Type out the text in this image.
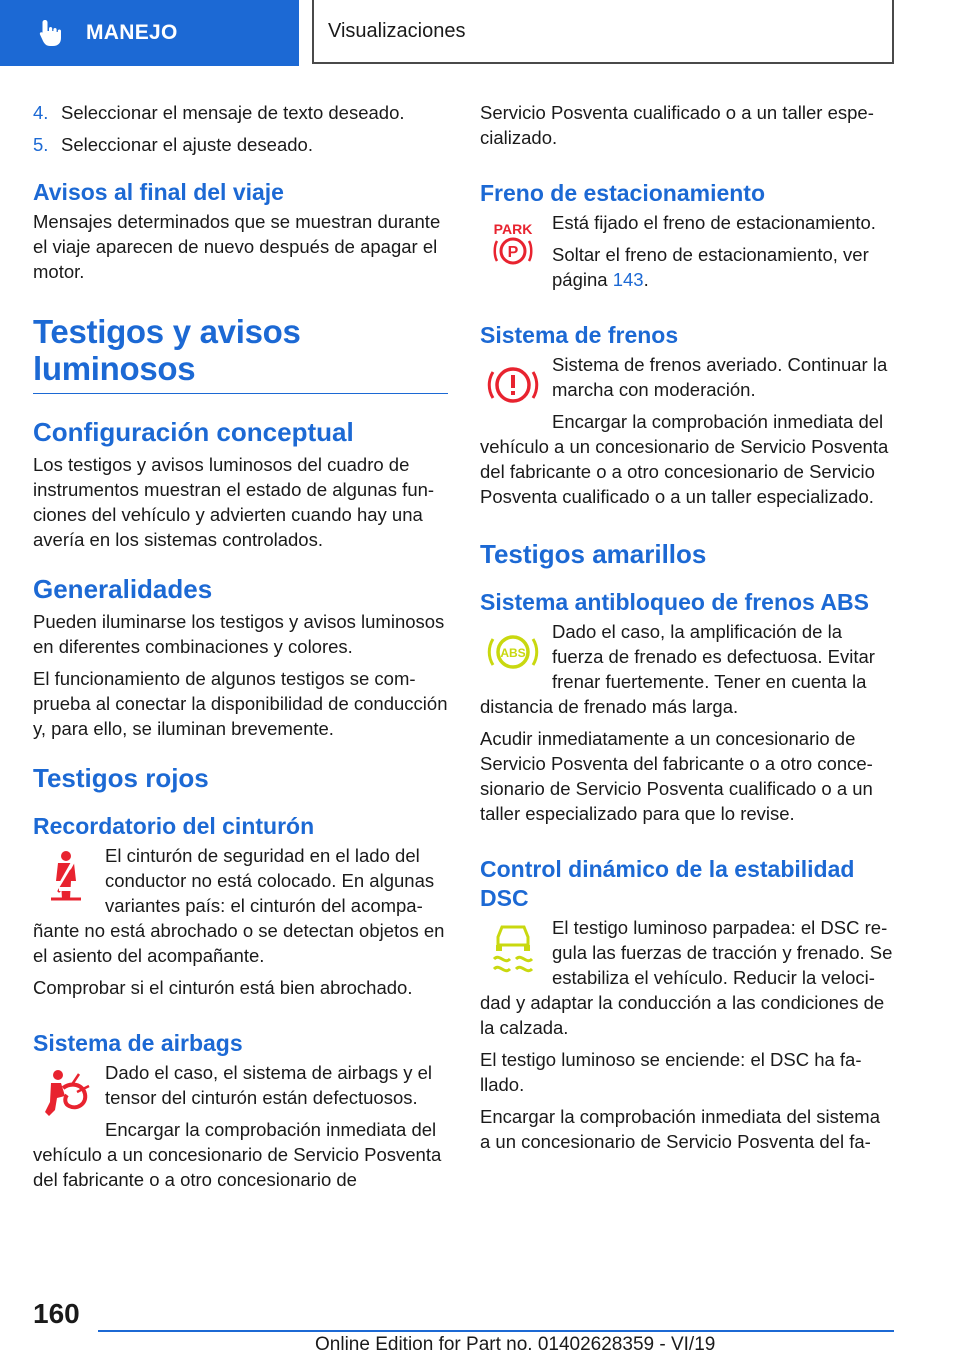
MANEJO	Visualizaciones
4. Seleccionar el mensaje de texto deseado.
5. Seleccionar el ajuste deseado.
Avisos al final del viaje

Mensajes determinados que se muestran durante el viaje aparecen de nuevo después de apagar el motor.

Testigos y avisos luminosos
Configuración conceptual

Los testigos y avisos luminosos del cuadro de instrumentos muestran el estado de algunas funciones del vehículo y advierten cuando hay una avería en los sistemas controlados.

Generalidades

Pueden iluminarse los testigos y avisos luminosos en diferentes combinaciones y colores.

El funcionamiento de algunos testigos se comprueba al conectar la disponibilidad de conducción y, para ello, se iluminan brevemente.

Testigos rojos
Recordatorio del cinturón

El cinturón de seguridad en el lado del conductor no está colocado. En algunas variantes país: el cinturón del acompañante no está abrochado o se detectan objetos en el asiento del acompañante.

Comprobar si el cinturón está bien abrochado.

Sistema de airbags

Dado el caso, el sistema de airbags y el tensor del cinturón están defectuosos.

Encargar la comprobación inmediata del vehículo a un concesionario de Servicio Posventa del fabricante o a otro concesionario de

Servicio Posventa cualificado o a un taller especializado.

Freno de estacionamiento
PARK
P

Está fijado el freno de estacionamiento.

Soltar el freno de estacionamiento, ver página 143.

Sistema de frenos

Sistema de frenos averiado. Continuar la marcha con moderación.

Encargar la comprobación inmediata del vehículo a un concesionario de Servicio Posventa del fabricante o a otro concesionario de Servicio Posventa cualificado o a un taller especializado.

Testigos amarillos
Sistema antibloqueo de frenos ABS
ABS

Dado el caso, la amplificación de la fuerza de frenado es defectuosa. Evitar frenar fuertemente. Tener en cuenta la distancia de frenado más larga.

Acudir inmediatamente a un concesionario de Servicio Posventa del fabricante o a otro concesionario de Servicio Posventa cualificado o a un taller especializado para que lo revise.

Control dinámico de la estabilidad DSC

El testigo luminoso parpadea: el DSC regula las fuerzas de tracción y frenado. Se estabiliza el vehículo. Reducir la velocidad y adaptar la conducción a las condiciones de la calzada.

El testigo luminoso se enciende: el DSC ha fallado.

Encargar la comprobación inmediata del sistema a un concesionario de Servicio Posventa del fa-

160
Online Edition for Part no. 01402628359 - VI/19
